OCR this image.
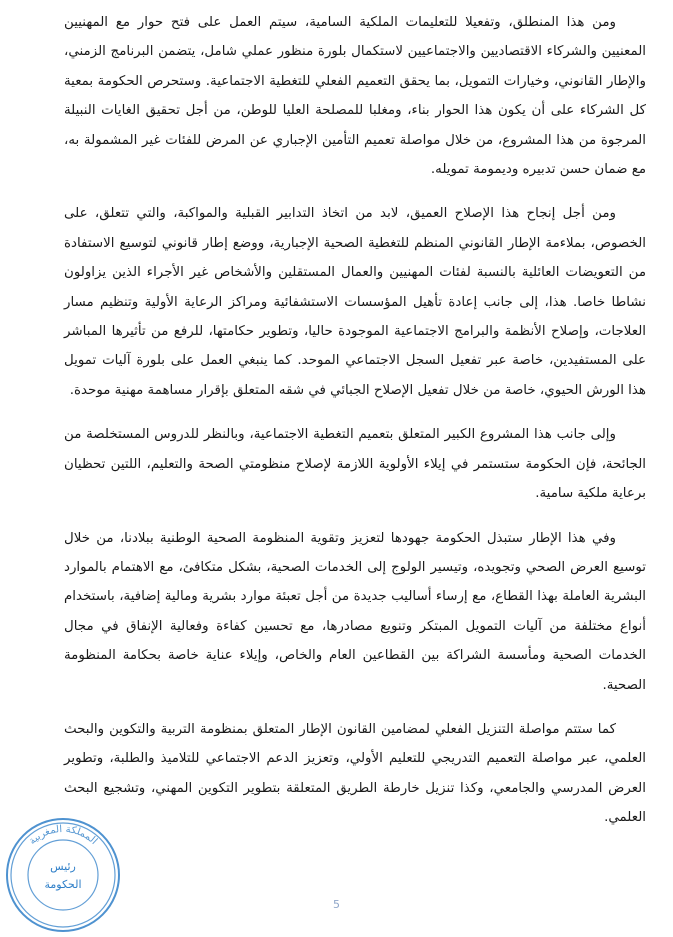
ومن هذا المنطلق، وتفعيلا للتعليمات الملكية السامية، سيتم العمل على فتح حوار مع المهنيين المعنيين والشركاء الاقتصاديين والاجتماعيين لاستكمال بلورة منظور عملي شامل، يتضمن البرنامج الزمني، والإطار القانوني، وخيارات التمويل، بما يحقق التعميم الفعلي للتغطية الاجتماعية. وستحرص الحكومة بمعية كل الشركاء على أن يكون هذا الحوار بناء، ومغلبا للمصلحة العليا للوطن، من أجل تحقيق الغايات النبيلة المرجوة من هذا المشروع، من خلال مواصلة تعميم التأمين الإجباري عن المرض للفئات غير المشمولة به، مع ضمان حسن تدبيره وديمومة تمويله.

ومن أجل إنجاح هذا الإصلاح العميق، لابد من اتخاذ التدابير القبلية والمواكبة، والتي تتعلق، على الخصوص، بملاءمة الإطار القانوني المنظم للتغطية الصحية الإجبارية، ووضع إطار قانوني لتوسيع الاستفادة من التعويضات العائلية بالنسبة لفئات المهنيين والعمال المستقلين والأشخاص غير الأجراء الذين يزاولون نشاطا خاصا. هذا، إلى جانب إعادة تأهيل المؤسسات الاستشفائية ومراكز الرعاية الأولية وتنظيم مسار العلاجات، وإصلاح الأنظمة والبرامج الاجتماعية الموجودة حاليا، وتطوير حكامتها، للرفع من تأثيرها المباشر على المستفيدين، خاصة عبر تفعيل السجل الاجتماعي الموحد. كما ينبغي العمل على بلورة آليات تمويل هذا الورش الحيوي، خاصة من خلال تفعيل الإصلاح الجبائي في شقه المتعلق بإقرار مساهمة مهنية موحدة.

وإلى جانب هذا المشروع الكبير المتعلق بتعميم التغطية الاجتماعية، وبالنظر للدروس المستخلصة من الجائحة، فإن الحكومة ستستمر في إيلاء الأولوية اللازمة لإصلاح منظومتي الصحة والتعليم، اللتين تحظيان برعاية ملكية سامية.

وفي هذا الإطار ستبذل الحكومة جهودها لتعزيز وتقوية المنظومة الصحية الوطنية ببلادنا، من خلال توسيع العرض الصحي وتجويده، وتيسير الولوج إلى الخدمات الصحية، بشكل متكافئ، مع الاهتمام بالموارد البشرية العاملة بهذا القطاع، مع إرساء أساليب جديدة من أجل تعبئة موارد بشرية ومالية إضافية، باستخدام أنواع مختلفة من آليات التمويل المبتكر وتنويع مصادرها، مع تحسين كفاءة وفعالية الإنفاق في مجال الخدمات الصحية ومأسسة الشراكة بين القطاعين العام والخاص، وإيلاء عناية خاصة بحكامة المنظومة الصحية.

كما ستتم مواصلة التنزيل الفعلي لمضامين القانون الإطار المتعلق بمنظومة التربية والتكوين والبحث العلمي، عبر مواصلة التعميم التدريجي للتعليم الأولي، وتعزيز الدعم الاجتماعي للتلاميذ والطلبة، وتطوير العرض المدرسي والجامعي، وكذا تنزيل خارطة الطريق المتعلقة بتطوير التكوين المهني، وتشجيع البحث العلمي.

المملكة المغربية
رئيس
الحكومة
5
